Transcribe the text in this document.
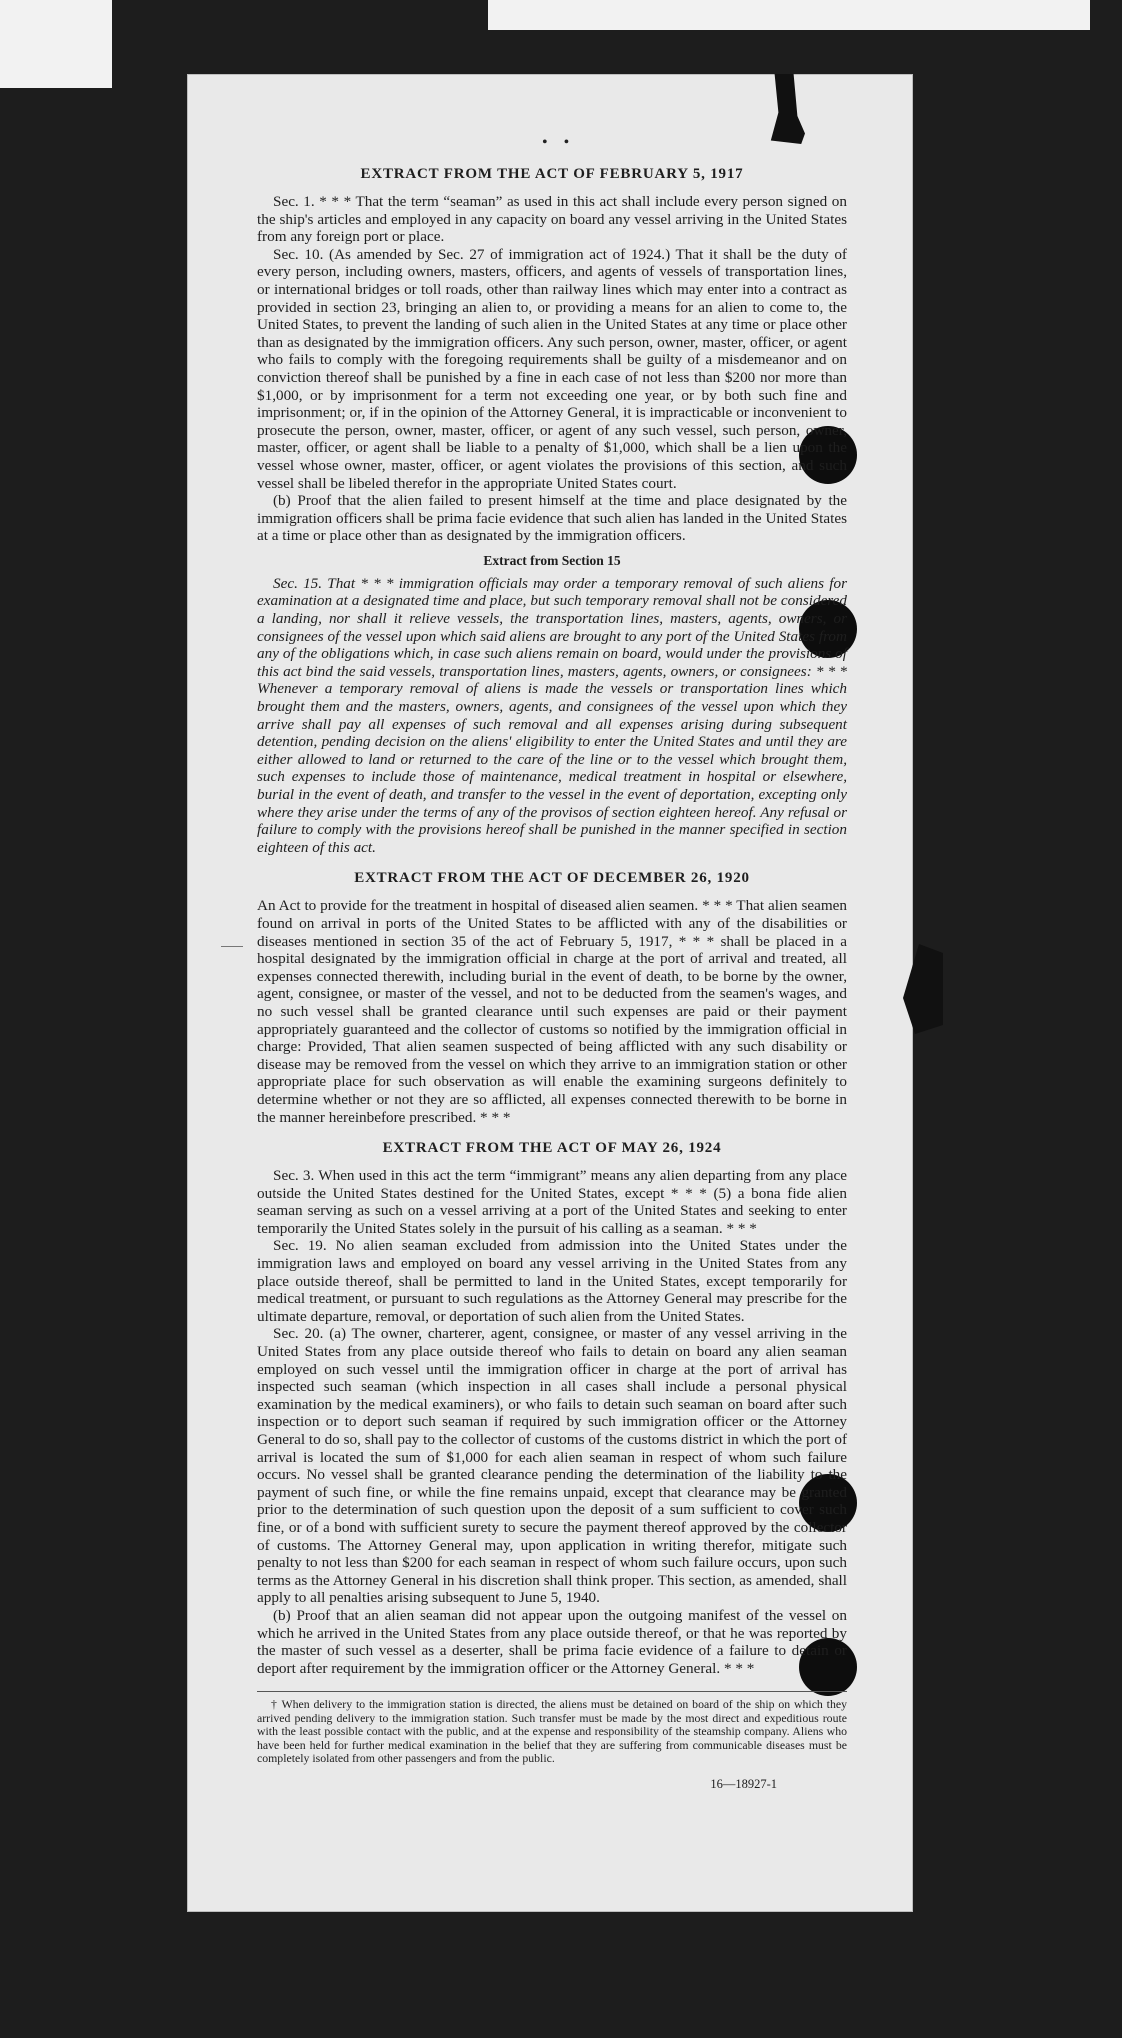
• •
EXTRACT FROM THE ACT OF FEBRUARY 5, 1917

Sec. 1. * * * That the term “seaman” as used in this act shall include every person signed on the ship's articles and employed in any capacity on board any vessel arriving in the United States from any foreign port or place.

Sec. 10. (As amended by Sec. 27 of immigration act of 1924.) That it shall be the duty of every person, including owners, masters, officers, and agents of vessels of transportation lines, or international bridges or toll roads, other than railway lines which may enter into a contract as provided in section 23, bringing an alien to, or providing a means for an alien to come to, the United States, to prevent the landing of such alien in the United States at any time or place other than as designated by the immigration officers. Any such person, owner, master, officer, or agent who fails to comply with the foregoing requirements shall be guilty of a misdemeanor and on conviction thereof shall be punished by a fine in each case of not less than $200 nor more than $1,000, or by imprisonment for a term not exceeding one year, or by both such fine and imprisonment; or, if in the opinion of the Attorney General, it is impracticable or inconvenient to prosecute the person, owner, master, officer, or agent of any such vessel, such person, owner, master, officer, or agent shall be liable to a penalty of $1,000, which shall be a lien upon the vessel whose owner, master, officer, or agent violates the provisions of this section, and such vessel shall be libeled therefor in the appropriate United States court.

(b) Proof that the alien failed to present himself at the time and place designated by the immigration officers shall be prima facie evidence that such alien has landed in the United States at a time or place other than as designated by the immigration officers.

Extract from Section 15

Sec. 15. That * * * immigration officials may order a temporary removal of such aliens for examination at a designated time and place, but such temporary removal shall not be considered a landing, nor shall it relieve vessels, the transportation lines, masters, agents, owners, or consignees of the vessel upon which said aliens are brought to any port of the United States from any of the obligations which, in case such aliens remain on board, would under the provisions of this act bind the said vessels, transportation lines, masters, agents, owners, or consignees: * * * Whenever a temporary removal of aliens is made the vessels or transportation lines which brought them and the masters, owners, agents, and consignees of the vessel upon which they arrive shall pay all expenses of such removal and all expenses arising during subsequent detention, pending decision on the aliens' eligibility to enter the United States and until they are either allowed to land or returned to the care of the line or to the vessel which brought them, such expenses to include those of maintenance, medical treatment in hospital or elsewhere, burial in the event of death, and transfer to the vessel in the event of deportation, excepting only where they arise under the terms of any of the provisos of section eighteen hereof. Any refusal or failure to comply with the provisions hereof shall be punished in the manner specified in section eighteen of this act.

EXTRACT FROM THE ACT OF DECEMBER 26, 1920

An Act to provide for the treatment in hospital of diseased alien seamen. * * * That alien seamen found on arrival in ports of the United States to be afflicted with any of the disabilities or diseases mentioned in section 35 of the act of February 5, 1917, * * * shall be placed in a hospital designated by the immigration official in charge at the port of arrival and treated, all expenses connected therewith, including burial in the event of death, to be borne by the owner, agent, consignee, or master of the vessel, and not to be deducted from the seamen's wages, and no such vessel shall be granted clearance until such expenses are paid or their payment appropriately guaranteed and the collector of customs so notified by the immigration official in charge: Provided, That alien seamen suspected of being afflicted with any such disability or disease may be removed from the vessel on which they arrive to an immigration station or other appropriate place for such observation as will enable the examining surgeons definitely to determine whether or not they are so afflicted, all expenses connected therewith to be borne in the manner hereinbefore prescribed. * * *

EXTRACT FROM THE ACT OF MAY 26, 1924

Sec. 3. When used in this act the term “immigrant” means any alien departing from any place outside the United States destined for the United States, except * * * (5) a bona fide alien seaman serving as such on a vessel arriving at a port of the United States and seeking to enter temporarily the United States solely in the pursuit of his calling as a seaman. * * *

Sec. 19. No alien seaman excluded from admission into the United States under the immigration laws and employed on board any vessel arriving in the United States from any place outside thereof, shall be permitted to land in the United States, except temporarily for medical treatment, or pursuant to such regulations as the Attorney General may prescribe for the ultimate departure, removal, or deportation of such alien from the United States.

Sec. 20. (a) The owner, charterer, agent, consignee, or master of any vessel arriving in the United States from any place outside thereof who fails to detain on board any alien seaman employed on such vessel until the immigration officer in charge at the port of arrival has inspected such seaman (which inspection in all cases shall include a personal physical examination by the medical examiners), or who fails to detain such seaman on board after such inspection or to deport such seaman if required by such immigration officer or the Attorney General to do so, shall pay to the collector of customs of the customs district in which the port of arrival is located the sum of $1,000 for each alien seaman in respect of whom such failure occurs. No vessel shall be granted clearance pending the determination of the liability to the payment of such fine, or while the fine remains unpaid, except that clearance may be granted prior to the determination of such question upon the deposit of a sum sufficient to cover such fine, or of a bond with sufficient surety to secure the payment thereof approved by the collector of customs. The Attorney General may, upon application in writing therefor, mitigate such penalty to not less than $200 for each seaman in respect of whom such failure occurs, upon such terms as the Attorney General in his discretion shall think proper. This section, as amended, shall apply to all penalties arising subsequent to June 5, 1940.

(b) Proof that an alien seaman did not appear upon the outgoing manifest of the vessel on which he arrived in the United States from any place outside thereof, or that he was reported by the master of such vessel as a deserter, shall be prima facie evidence of a failure to detain or deport after requirement by the immigration officer or the Attorney General. * * *

† When delivery to the immigration station is directed, the aliens must be detained on board of the ship on which they arrived pending delivery to the immigration station. Such transfer must be made by the most direct and expeditious route with the least possible contact with the public, and at the expense and responsibility of the steamship company. Aliens who have been held for further medical examination in the belief that they are suffering from communicable diseases must be completely isolated from other passengers and from the public.

16—18927-1
